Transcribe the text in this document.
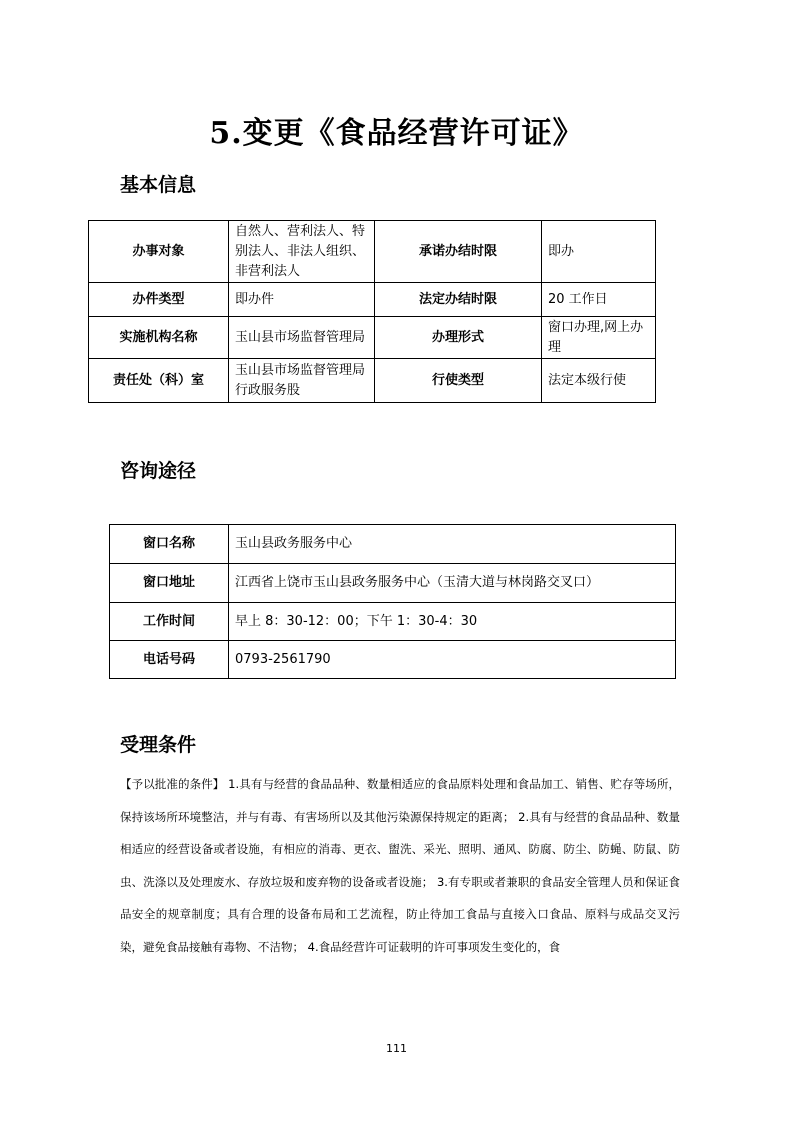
5.变更《食品经营许可证》
基本信息
办事对象	自然人、营利法人、特别法人、非法人组织、非营利法人	承诺办结时限	即办
办件类型	即办件	法定办结时限	20 工作日
实施机构名称	玉山县市场监督管理局	办理形式	窗口办理,网上办理
责任处（科）室	玉山县市场监督管理局行政服务股	行使类型	法定本级行使
咨询途径
窗口名称	玉山县政务服务中心
窗口地址	江西省上饶市玉山县政务服务中心（玉清大道与林岗路交叉口）
工作时间	早上 8：30-12：00；下午 1：30-4：30
电话号码	0793-2561790
受理条件
【予以批准的条件】 1.具有与经营的食品品种、数量相适应的食品原料处理和食品加工、销售、贮存等场所，保持该场所环境整洁，并与有毒、有害场所以及其他污染源保持规定的距离； 2.具有与经营的食品品种、数量相适应的经营设备或者设施，有相应的消毒、更衣、盥洗、采光、照明、通风、防腐、防尘、防蝇、防鼠、防虫、洗涤以及处理废水、存放垃圾和废弃物的设备或者设施； 3.有专职或者兼职的食品安全管理人员和保证食品安全的规章制度；具有合理的设备布局和工艺流程，防止待加工食品与直接入口食品、原料与成品交叉污染，避免食品接触有毒物、不洁物； 4.食品经营许可证载明的许可事项发生变化的，食
111
